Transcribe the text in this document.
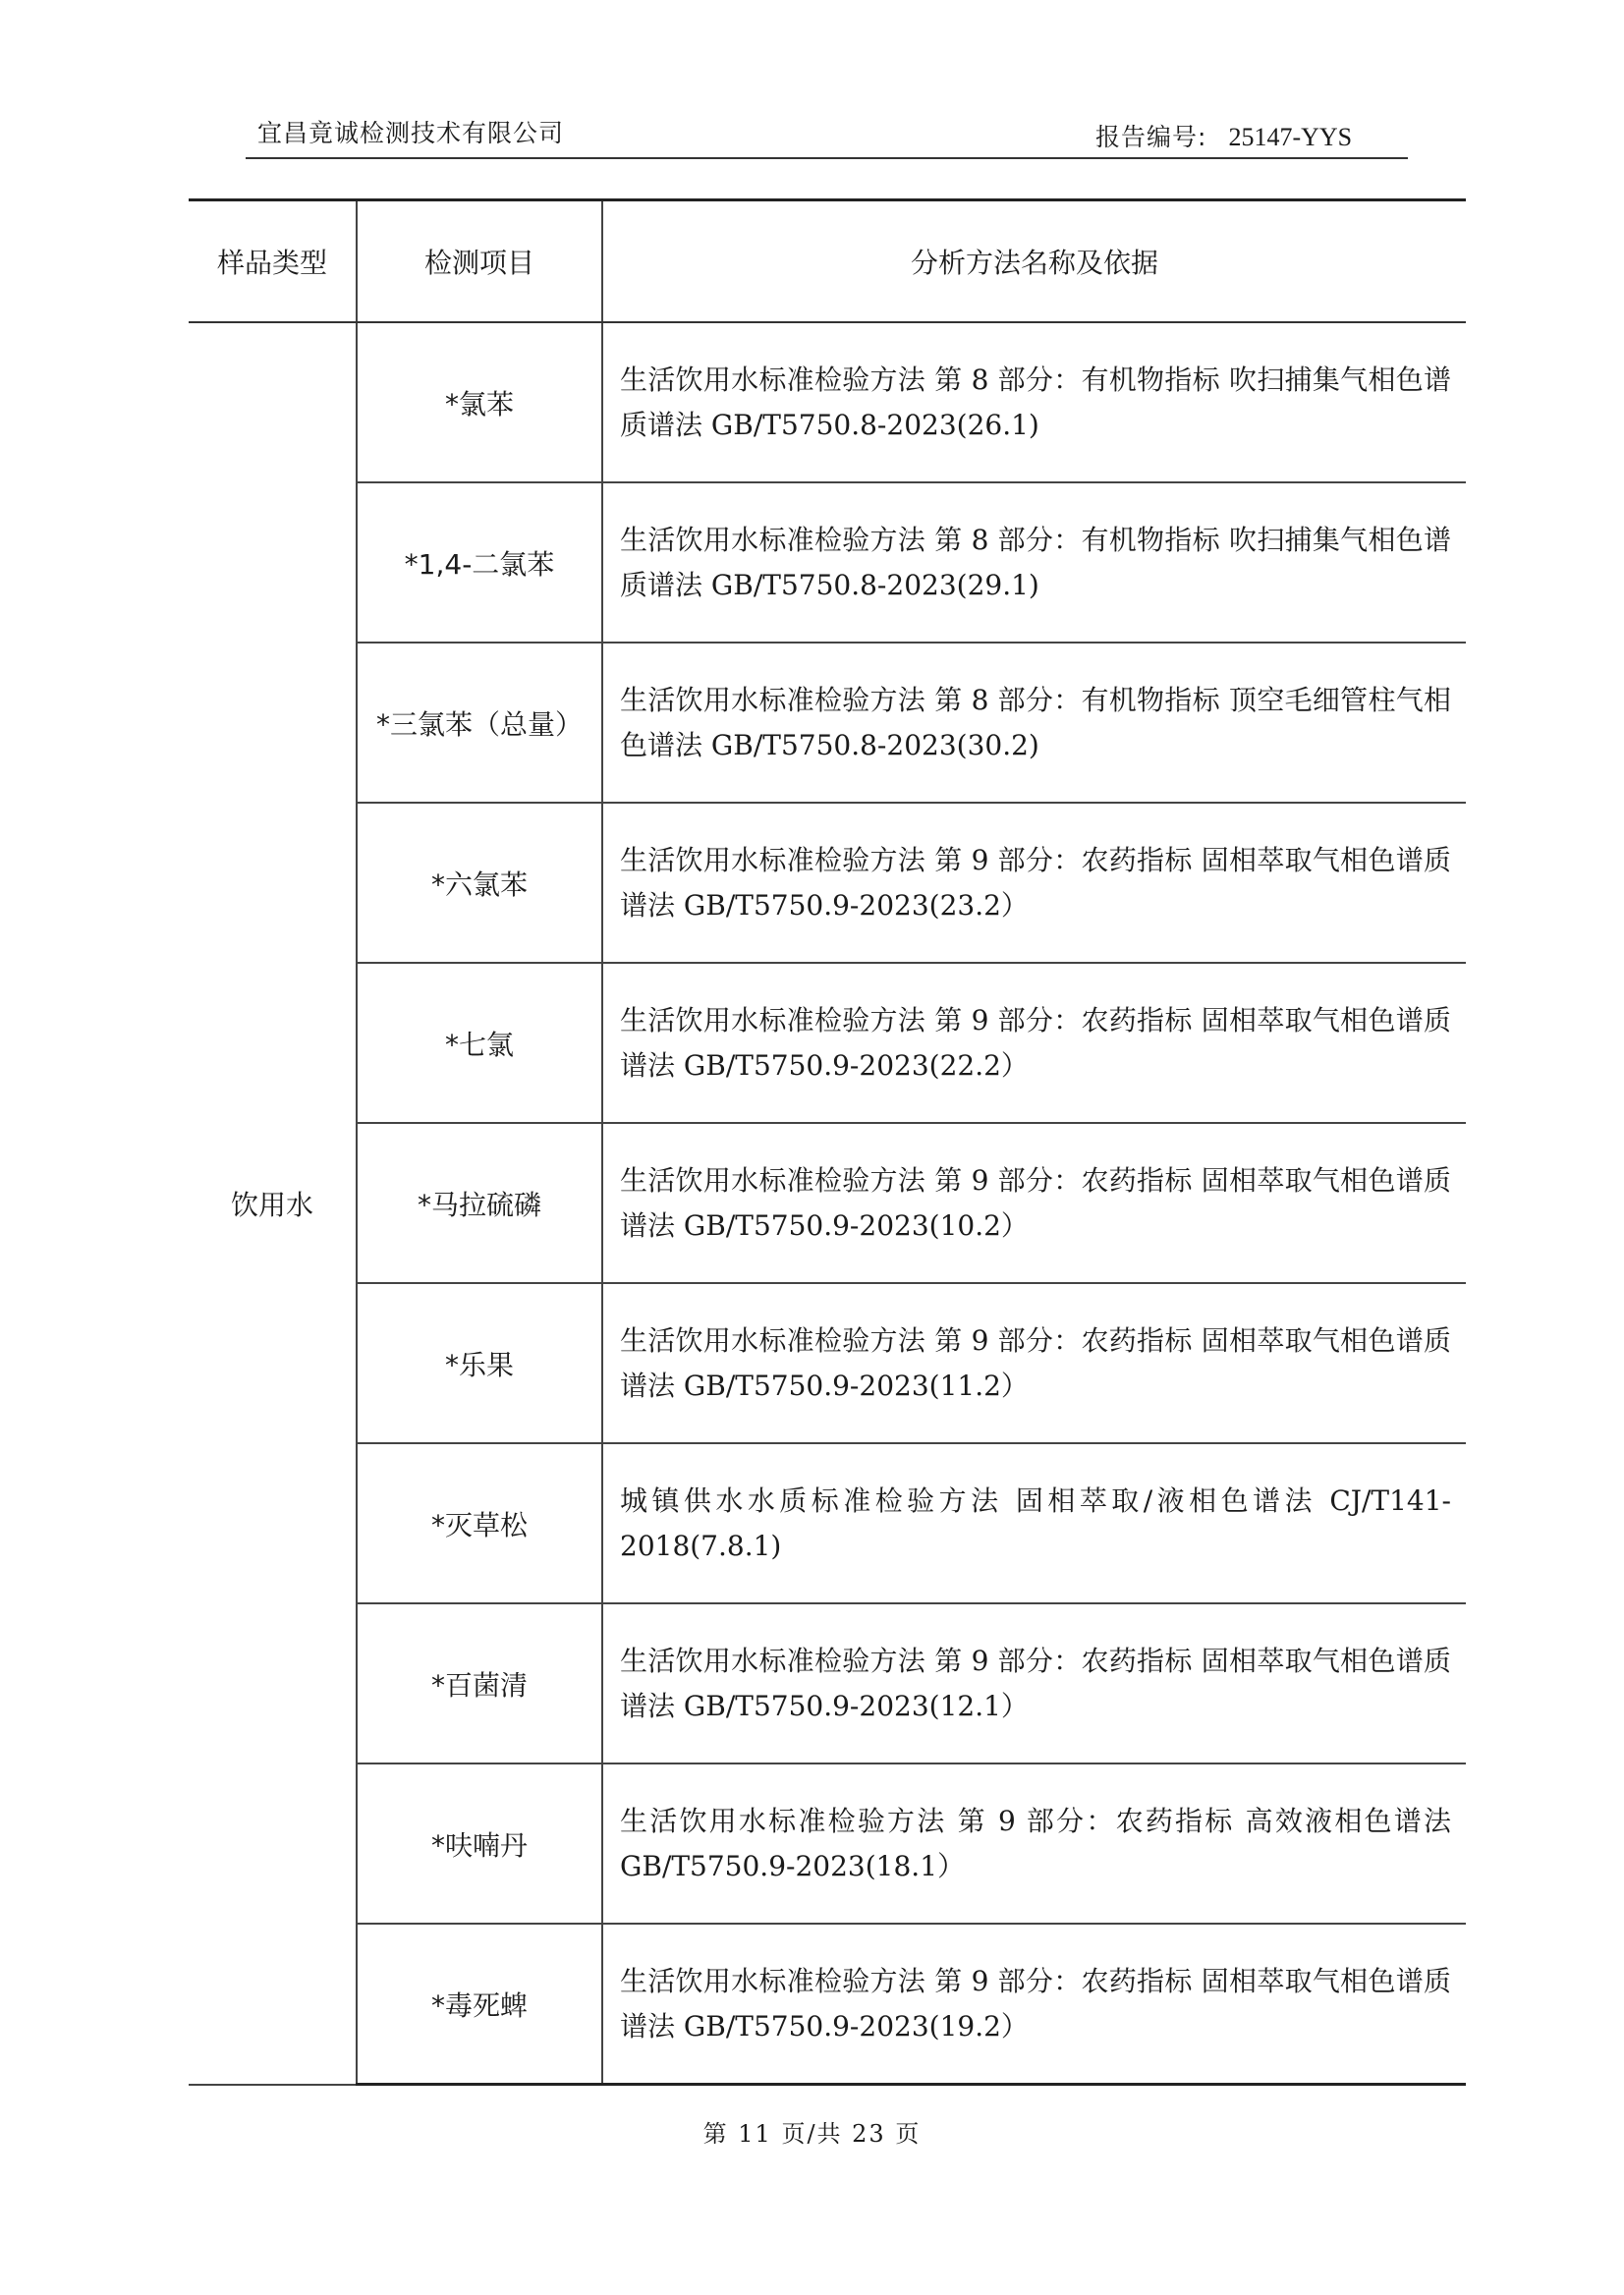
宜昌竟诚检测技术有限公司	报告编号: 25147-YYS
样品类型	检测项目	分析方法名称及依据
饮用水	*氯苯	生活饮用水标准检验方法 第 8 部分：有机物指标 吹扫捕集气相色谱质谱法 GB/T5750.8-2023(26.1)

	*1,4-二氯苯	生活饮用水标准检验方法 第 8 部分：有机物指标 吹扫捕集气相色谱质谱法 GB/T5750.8-2023(29.1)

	*三氯苯（总量）	生活饮用水标准检验方法 第 8 部分：有机物指标 顶空毛细管柱气相色谱法 GB/T5750.8-2023(30.2)

	*六氯苯	生活饮用水标准检验方法 第 9 部分：农药指标 固相萃取气相色谱质谱法 GB/T5750.9-2023(23.2）

	*七氯	生活饮用水标准检验方法 第 9 部分：农药指标 固相萃取气相色谱质谱法 GB/T5750.9-2023(22.2）

	*马拉硫磷	生活饮用水标准检验方法 第 9 部分：农药指标 固相萃取气相色谱质谱法 GB/T5750.9-2023(10.2）

	*乐果	生活饮用水标准检验方法 第 9 部分：农药指标 固相萃取气相色谱质谱法 GB/T5750.9-2023(11.2）

	*灭草松	城镇供水水质标准检验方法 固相萃取/液相色谱法 CJ/T141-2018(7.8.1)

	*百菌清	生活饮用水标准检验方法 第 9 部分：农药指标 固相萃取气相色谱质谱法 GB/T5750.9-2023(12.1）

	*呋喃丹	生活饮用水标准检验方法 第 9 部分：农药指标 高效液相色谱法 GB/T5750.9-2023(18.1）

	*毒死蜱	生活饮用水标准检验方法 第 9 部分：农药指标 固相萃取气相色谱质谱法 GB/T5750.9-2023(19.2）
第 11 页/共 23 页
